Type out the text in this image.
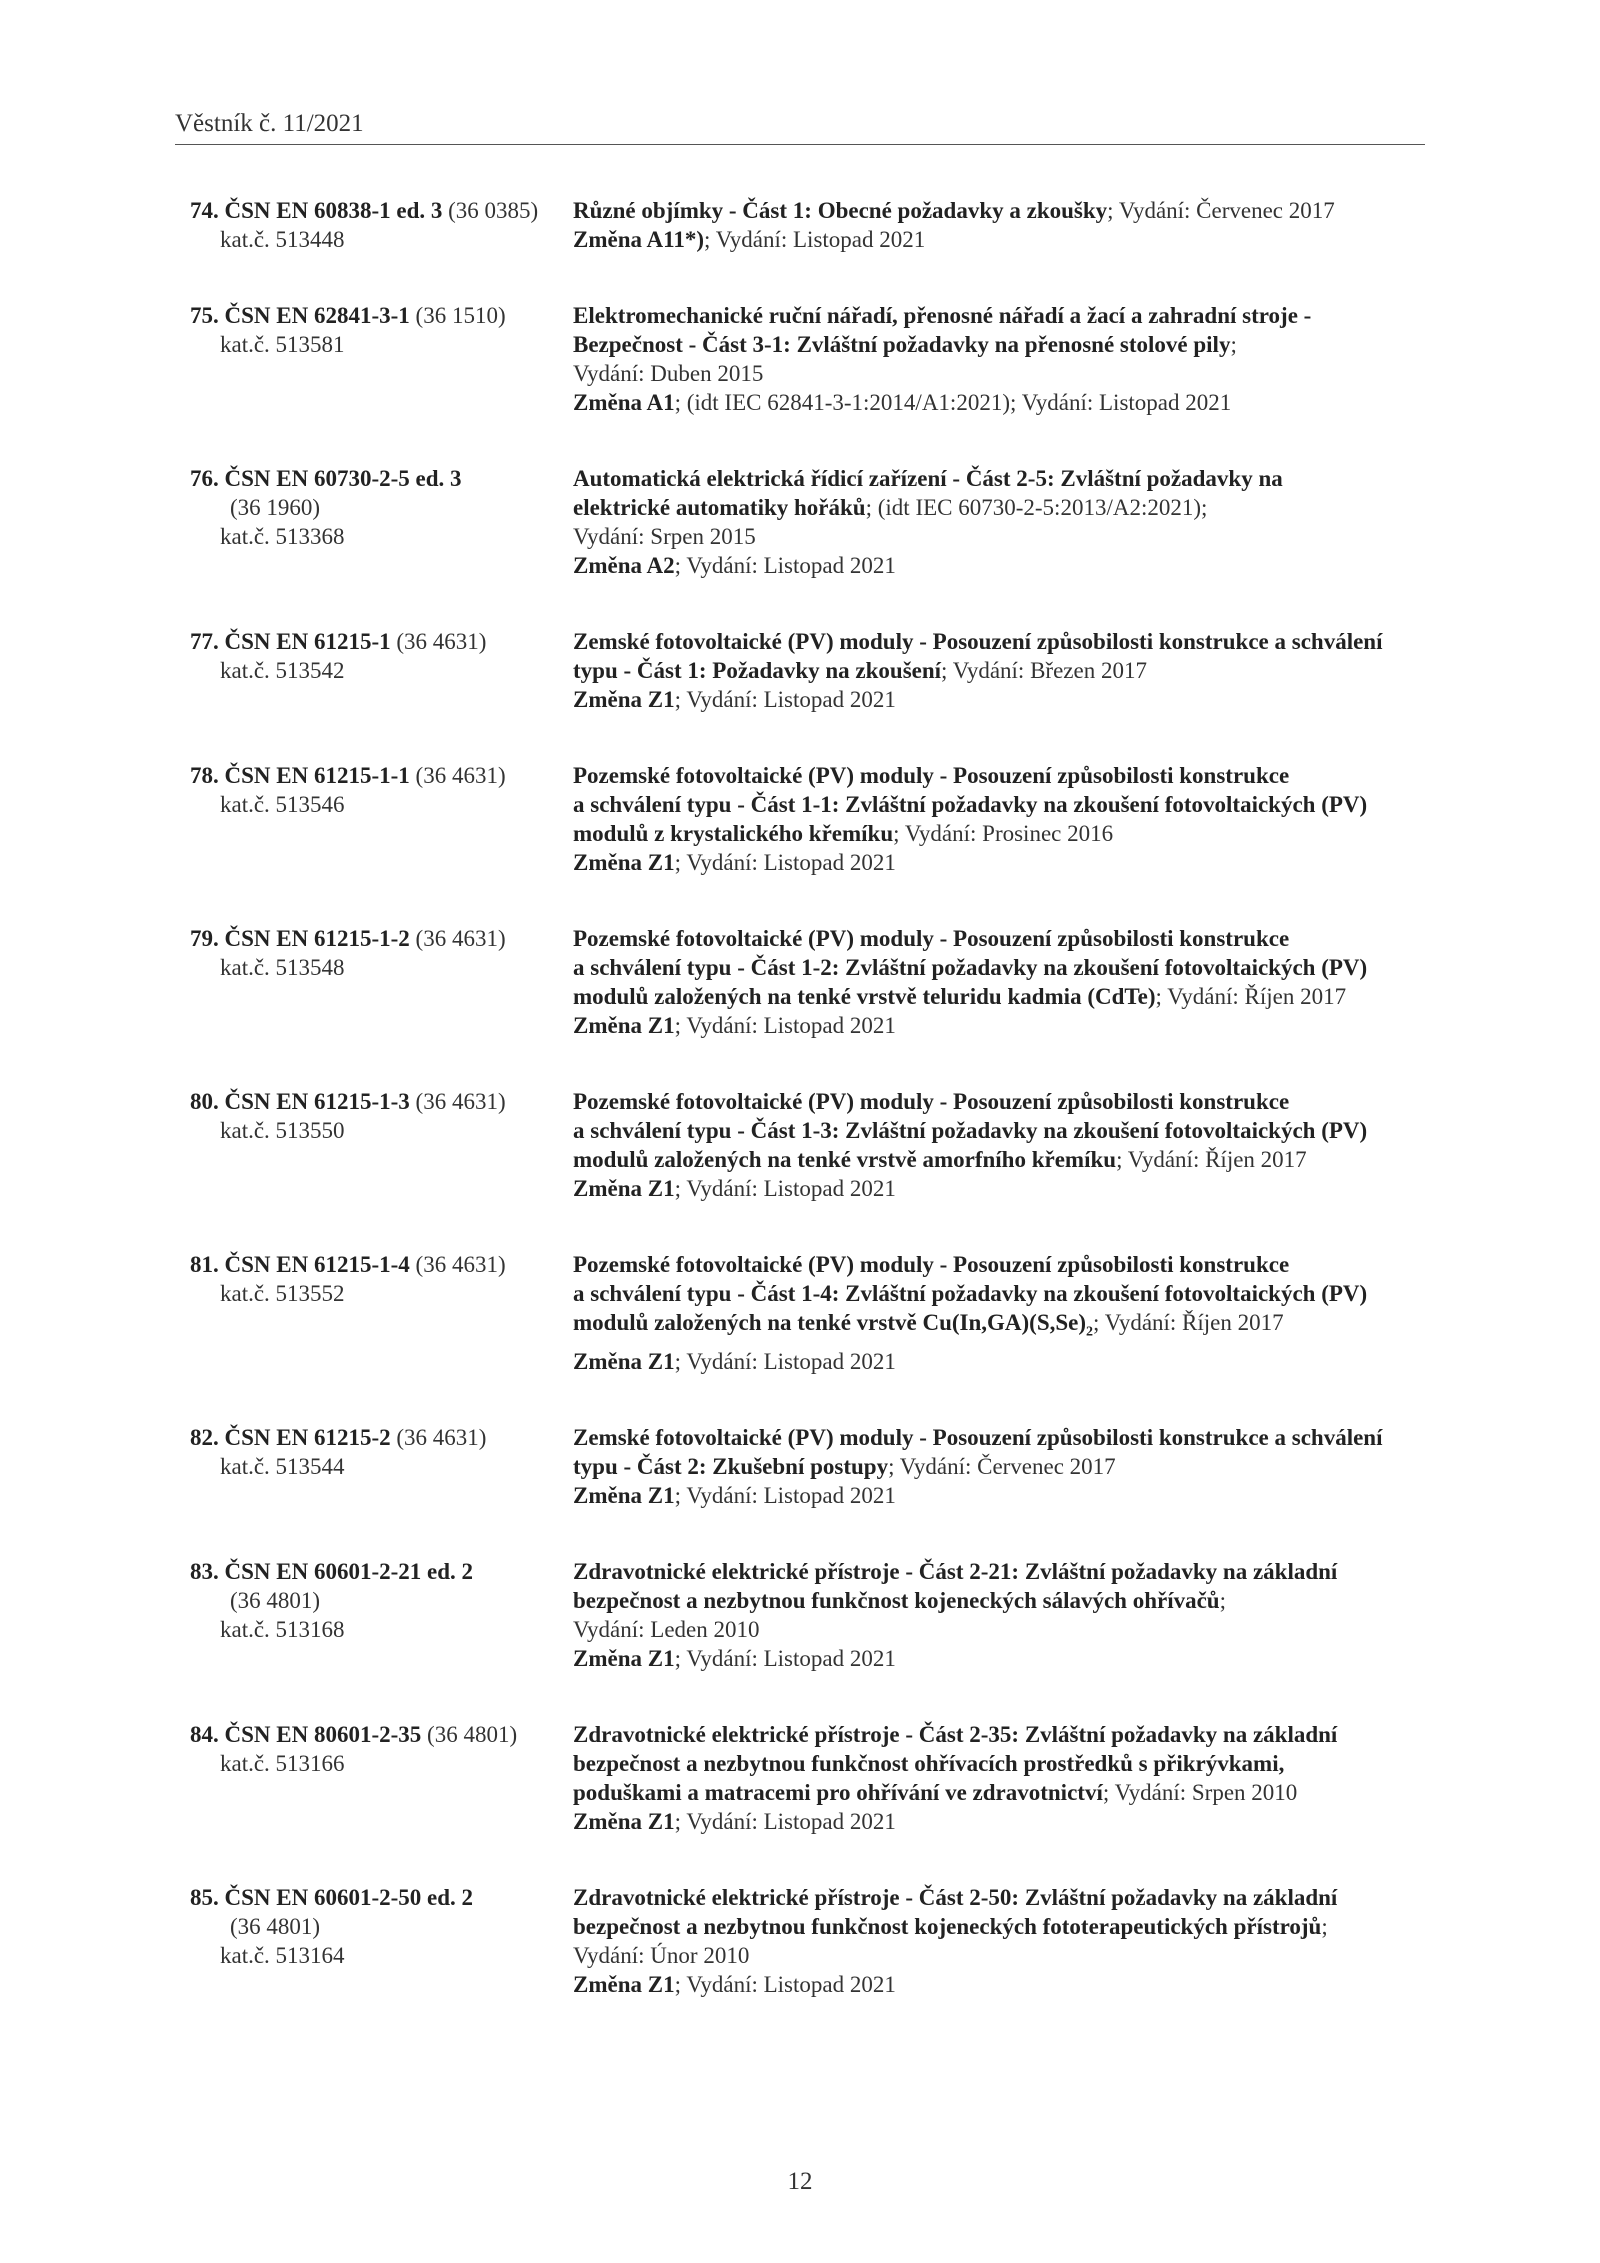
Věstník č. 11/2021
74. ČSN EN 60838-1 ed. 3 (36 0385)
kat.č. 513448
Různé objímky - Část 1: Obecné požadavky a zkoušky; Vydání: Červenec 2017
Změna A11*); Vydání: Listopad 2021
75. ČSN EN 62841-3-1 (36 1510)
kat.č. 513581
Elektromechanické ruční nářadí, přenosné nářadí a žací a zahradní stroje -
Bezpečnost - Část 3-1: Zvláštní požadavky na přenosné stolové pily;
Vydání: Duben 2015
Změna A1; (idt IEC 62841-3-1:2014/A1:2021); Vydání: Listopad 2021
76. ČSN EN 60730-2-5 ed. 3
(36 1960)
kat.č. 513368
Automatická elektrická řídicí zařízení - Část 2-5: Zvláštní požadavky na
elektrické automatiky hořáků; (idt IEC 60730-2-5:2013/A2:2021);
Vydání: Srpen 2015
Změna A2; Vydání: Listopad 2021
77. ČSN EN 61215-1 (36 4631)
kat.č. 513542
Zemské fotovoltaické (PV) moduly - Posouzení způsobilosti konstrukce a schválení
typu - Část 1: Požadavky na zkoušení; Vydání: Březen 2017
Změna Z1; Vydání: Listopad 2021
78. ČSN EN 61215-1-1 (36 4631)
kat.č. 513546
Pozemské fotovoltaické (PV) moduly - Posouzení způsobilosti konstrukce
a schválení typu - Část 1-1: Zvláštní požadavky na zkoušení fotovoltaických (PV)
modulů z krystalického křemíku; Vydání: Prosinec 2016
Změna Z1; Vydání: Listopad 2021
79. ČSN EN 61215-1-2 (36 4631)
kat.č. 513548
Pozemské fotovoltaické (PV) moduly - Posouzení způsobilosti konstrukce
a schválení typu - Část 1-2: Zvláštní požadavky na zkoušení fotovoltaických (PV)
modulů založených na tenké vrstvě teluridu kadmia (CdTe); Vydání: Říjen 2017
Změna Z1; Vydání: Listopad 2021
80. ČSN EN 61215-1-3 (36 4631)
kat.č. 513550
Pozemské fotovoltaické (PV) moduly - Posouzení způsobilosti konstrukce
a schválení typu - Část 1-3: Zvláštní požadavky na zkoušení fotovoltaických (PV)
modulů založených na tenké vrstvě amorfního křemíku; Vydání: Říjen 2017
Změna Z1; Vydání: Listopad 2021
81. ČSN EN 61215-1-4 (36 4631)
kat.č. 513552
Pozemské fotovoltaické (PV) moduly - Posouzení způsobilosti konstrukce
a schválení typu - Část 1-4: Zvláštní požadavky na zkoušení fotovoltaických (PV)
modulů založených na tenké vrstvě $Cu(In,GA)(S,Se)_2$; Vydání: Říjen 2017
Změna Z1; Vydání: Listopad 2021
82. ČSN EN 61215-2 (36 4631)
kat.č. 513544
Zemské fotovoltaické (PV) moduly - Posouzení způsobilosti konstrukce a schválení
typu - Část 2: Zkušební postupy; Vydání: Červenec 2017
Změna Z1; Vydání: Listopad 2021
83. ČSN EN 60601-2-21 ed. 2
(36 4801)
kat.č. 513168
Zdravotnické elektrické přístroje - Část 2-21: Zvláštní požadavky na základní
bezpečnost a nezbytnou funkčnost kojeneckých sálavých ohřívačů;
Vydání: Leden 2010
Změna Z1; Vydání: Listopad 2021
84. ČSN EN 80601-2-35 (36 4801)
kat.č. 513166
Zdravotnické elektrické přístroje - Část 2-35: Zvláštní požadavky na základní
bezpečnost a nezbytnou funkčnost ohřívacích prostředků s přikrývkami,
poduškami a matracemi pro ohřívání ve zdravotnictví; Vydání: Srpen 2010
Změna Z1; Vydání: Listopad 2021
85. ČSN EN 60601-2-50 ed. 2
(36 4801)
kat.č. 513164
Zdravotnické elektrické přístroje - Část 2-50: Zvláštní požadavky na základní
bezpečnost a nezbytnou funkčnost kojeneckých fototerapeutických přístrojů;
Vydání: Únor 2010
Změna Z1; Vydání: Listopad 2021
12
